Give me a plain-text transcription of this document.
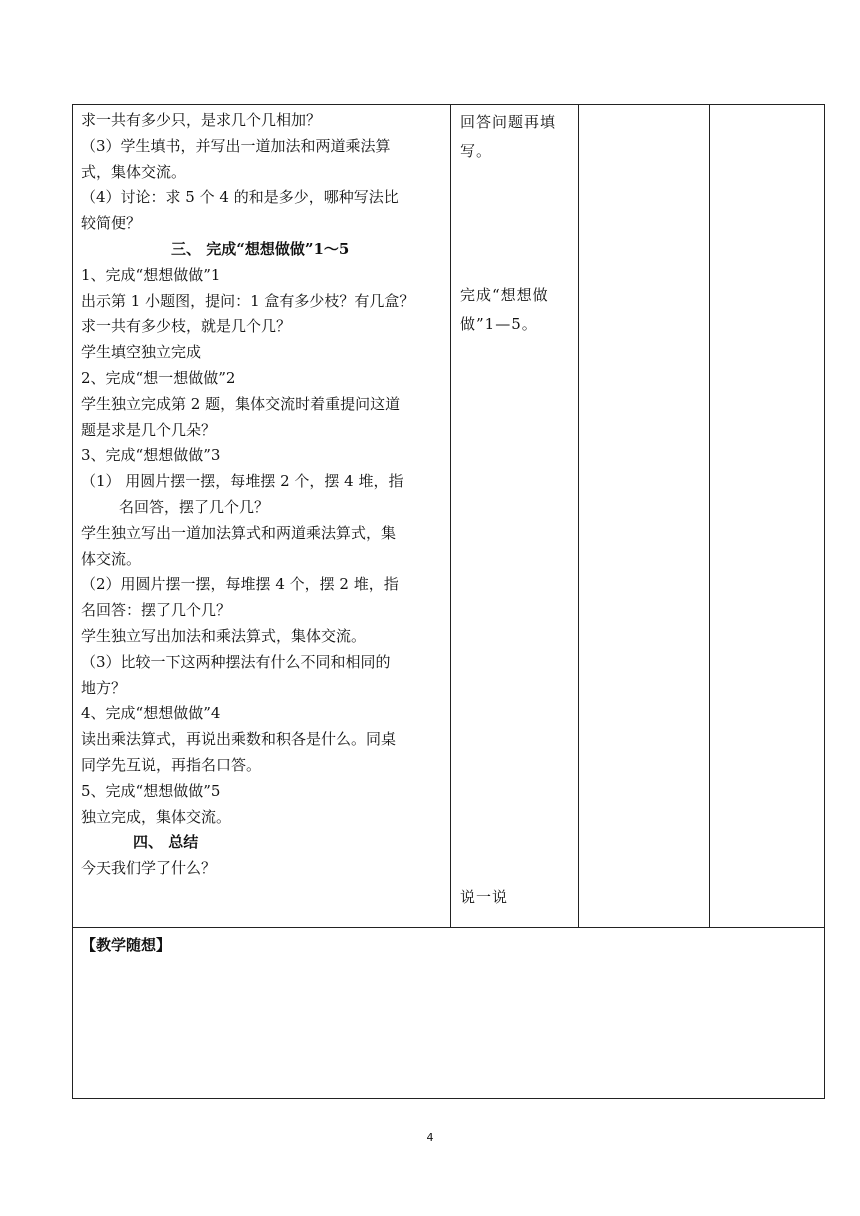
求一共有多少只，是求几个几相加？
（3）学生填书，并写出一道加法和两道乘法算
式，集体交流。
（4）讨论：求 5 个 4 的和是多少，哪种写法比
较简便？
三、 完成“想想做做”1～5
1、完成“想想做做”1
出示第 1 小题图，提问：1 盒有多少枝？有几盒？
求一共有多少枝，就是几个几？
学生填空独立完成
2、完成“想一想做做”2
学生独立完成第 2 题，集体交流时着重提问这道
题是求是几个几朵？
3、完成“想想做做”3
（1） 用圆片摆一摆，每堆摆 2 个，摆 4 堆，指
名回答，摆了几个几？
学生独立写出一道加法算式和两道乘法算式，集
体交流。
（2）用圆片摆一摆，每堆摆 4 个，摆 2 堆，指
名回答：摆了几个几？
学生独立写出加法和乘法算式，集体交流。
（3）比较一下这两种摆法有什么不同和相同的
地方？
4、完成“想想做做”4
读出乘法算式，再说出乘数和积各是什么。同桌
同学先互说，再指名口答。
5、完成“想想做做”5
独立完成，集体交流。
四、 总结
今天我们学了什么？
回答问题再填
写。
完成“想想做
做”1—5。
说一说
【教学随想】
4
